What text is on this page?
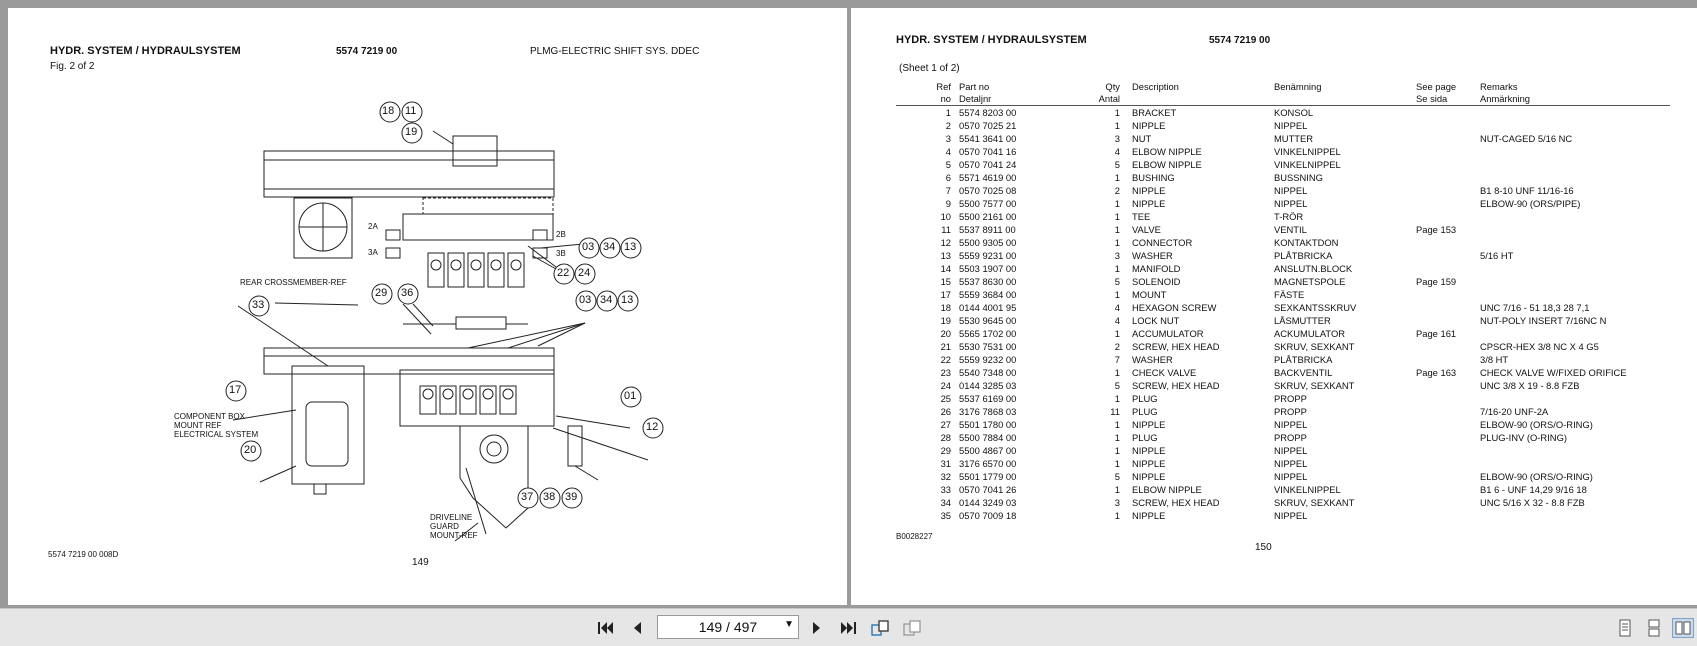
HYDR. SYSTEM / HYDRAULSYSTEM	5574 7219 00	PLMG-ELECTRIC SHIFT SYS. DDEC
Fig. 2 of 2
18 11
19
03 34 13
22 24
29 36
33	03 34 13
17
20
01
12
37 38 39
REAR CROSSMEMBER-REF
COMPONENT BOX
MOUNT REF
ELECTRICAL SYSTEM
DRIVELINE
GUARD
MOUNT-REF
2A
3A
2B
3B
5574 7219 00 008D
149
HYDR. SYSTEM / HYDRAULSYSTEM	5574 7219 00
(Sheet 1 of 2)
Ref	Part no	Qty	Description	Benämning	See page	Remarks
no	Detaljnr	Antal			Se sida	Anmärkning
1	5574 8203 00	1	BRACKET	KONSOL		
2	0570 7025 21	1	NIPPLE	NIPPEL		
3	5541 3641 00	3	NUT	MUTTER		NUT-CAGED 5/16 NC
4	0570 7041 16	4	ELBOW NIPPLE	VINKELNIPPEL		
5	0570 7041 24	5	ELBOW NIPPLE	VINKELNIPPEL		
6	5571 4619 00	1	BUSHING	BUSSNING		
7	0570 7025 08	2	NIPPLE	NIPPEL		B1 8-10 UNF 11/16-16
9	5500 7577 00	1	NIPPLE	NIPPEL		ELBOW-90 (ORS/PIPE)
10	5500 2161 00	1	TEE	T-RÖR		
11	5537 8911 00	1	VALVE	VENTIL	Page 153	
12	5500 9305 00	1	CONNECTOR	KONTAKTDON		
13	5559 9231 00	3	WASHER	PLÅTBRICKA		5/16 HT
14	5503 1907 00	1	MANIFOLD	ANSLUTN.BLOCK		
15	5537 8630 00	5	SOLENOID	MAGNETSPOLE	Page 159	
17	5559 3684 00	1	MOUNT	FÄSTE		
18	0144 4001 95	4	HEXAGON SCREW	SEXKANTSSKRUV		UNC 7/16 - 51 18,3 28 7,1
19	5530 9645 00	4	LOCK NUT	LÅSMUTTER		NUT-POLY INSERT 7/16NC N
20	5565 1702 00	1	ACCUMULATOR	ACKUMULATOR	Page 161	
21	5530 7531 00	2	SCREW, HEX HEAD	SKRUV, SEXKANT		CPSCR-HEX 3/8 NC X 4 G5
22	5559 9232 00	7	WASHER	PLÅTBRICKA		3/8 HT
23	5540 7348 00	1	CHECK VALVE	BACKVENTIL	Page 163	CHECK VALVE W/FIXED ORIFICE
24	0144 3285 03	5	SCREW, HEX HEAD	SKRUV, SEXKANT		UNC 3/8 X 19 - 8.8 FZB
25	5537 6169 00	1	PLUG	PROPP		
26	3176 7868 03	11	PLUG	PROPP		7/16-20 UNF-2A
27	5501 1780 00	1	NIPPLE	NIPPEL		ELBOW-90 (ORS/O-RING)
28	5500 7884 00	1	PLUG	PROPP		PLUG-INV (O-RING)
29	5500 4867 00	1	NIPPLE	NIPPEL		
31	3176 6570 00	1	NIPPLE	NIPPEL		
32	5501 1779 00	5	NIPPLE	NIPPEL		ELBOW-90 (ORS/O-RING)
33	0570 7041 26	1	ELBOW NIPPLE	VINKELNIPPEL		B1 6 - UNF 14,29 9/16 18
34	0144 3249 03	3	SCREW, HEX HEAD	SKRUV, SEXKANT		UNC 5/16 X 32 - 8.8 FZB
35	0570 7009 18	1	NIPPLE	NIPPEL		
B0028227
150
149 / 497	▼
